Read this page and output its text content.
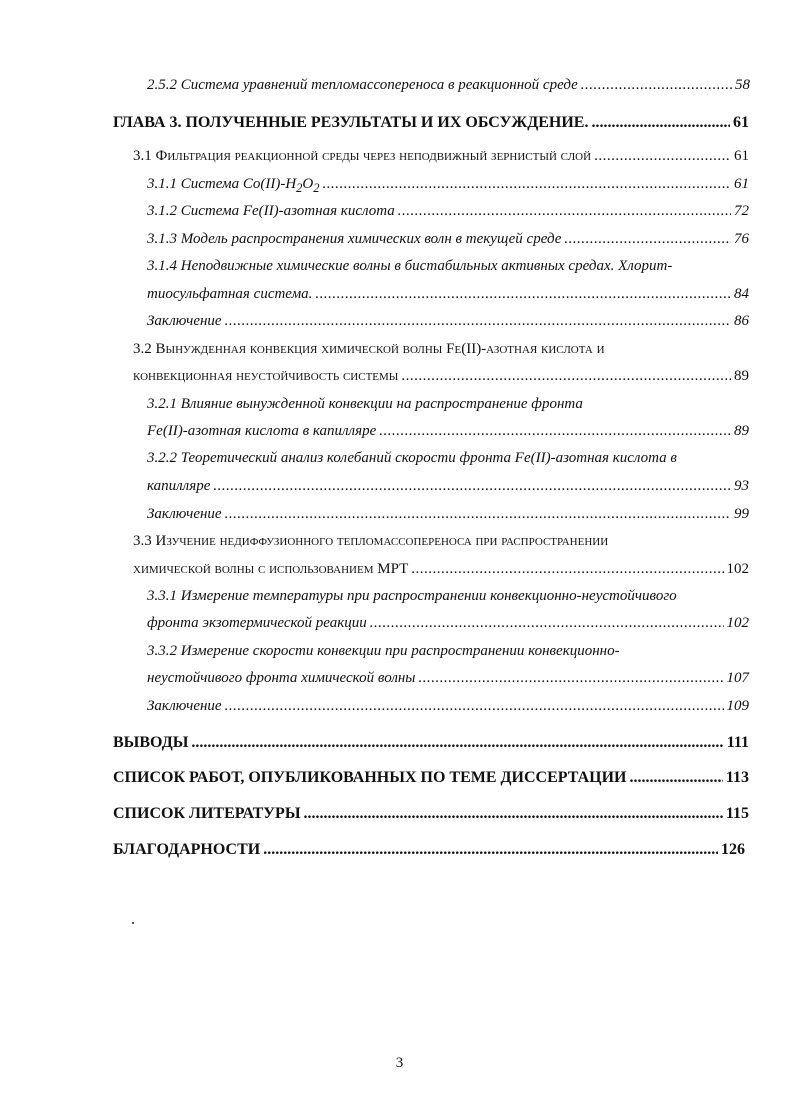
2.5.2 Система уравнений тепломассопереноса в реакционной среде .....	58
ГЛАВА 3. ПОЛУЧЕННЫЕ РЕЗУЛЬТАТЫ И ИХ ОБСУЖДЕНИЕ. .....	61
3.1 Фильтрация реакционной среды через неподвижный зернистый слой .....	61
3.1.1 Система $Co(II)-H_2O_2$ .....	61
3.1.2 Система Fe(II)-азотная кислота .....	72
3.1.3 Модель распространения химических волн в текущей среде .....	76
3.1.4 Неподвижные химические волны в бистабильных активных средах. Хлорит-
тиосульфатная система. .....	84
Заключение .....	86
3.2 Вынужденная конвекция химической волны Fe(II)-азотная кислота и
конвекционная неустойчивость системы .....	89
3.2.1 Влияние вынужденной конвекции на распространение фронта
Fe(II)-азотная кислота в капилляре .....	89
3.2.2 Теоретический анализ колебаний скорости фронта Fe(II)-азотная кислота в
капилляре .....	93
Заключение .....	99
3.3 Изучение недиффузионного тепломассопереноса при распространении
химической волны с использованием МРТ .....	102
3.3.1 Измерение температуры при распространении конвекционно-неустойчивого
фронта экзотермической реакции .....	102
3.3.2 Измерение скорости конвекции при распространении конвекционно-
неустойчивого фронта химической волны .....	107
Заключение .....	109
ВЫВОДЫ .....	111
СПИСОК РАБОТ, ОПУБЛИКОВАННЫХ ПО ТЕМЕ ДИССЕРТАЦИИ .....	113
СПИСОК ЛИТЕРАТУРЫ .....	115
БЛАГОДАРНОСТИ .....	126
3
